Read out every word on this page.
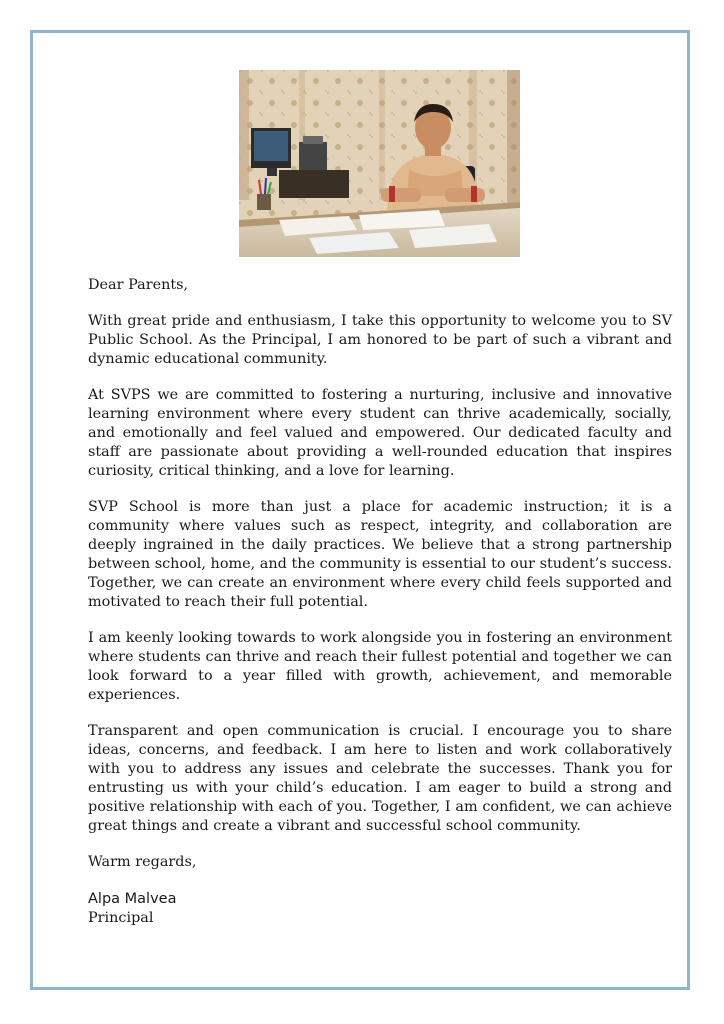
Dear Parents,

With great pride and enthusiasm, I take this opportunity to welcome you to SV Public School. As the Principal, I am honored to be part of such a vibrant and dynamic educational community.

At SVPS we are committed to fostering a nurturing, inclusive and innovative learning environment where every student can thrive academically, socially, and emotionally and feel valued and empowered. Our dedicated faculty and staff are passionate about providing a well-rounded education that inspires curiosity, critical thinking, and a love for learning.

SVP School is more than just a place for academic instruction; it is a community where values such as respect, integrity, and collaboration are deeply ingrained in the daily practices. We believe that a strong partnership between school, home, and the community is essential to our student’s success. Together, we can create an environment where every child feels supported and motivated to reach their full potential.

I am keenly looking towards to work alongside you in fostering an environment where students can thrive and reach their fullest potential and together we can look forward to a year filled with growth, achievement, and memorable experiences.

Transparent and open communication is crucial. I encourage you to share ideas, concerns, and feedback. I am here to listen and work collaboratively with you to address any issues and celebrate the successes. Thank you for entrusting us with your child’s education. I am eager to build a strong and positive relationship with each of you. Together, I am confident, we can achieve great things and create a vibrant and successful school community.

Warm regards,

Alpa Malvea
Principal
